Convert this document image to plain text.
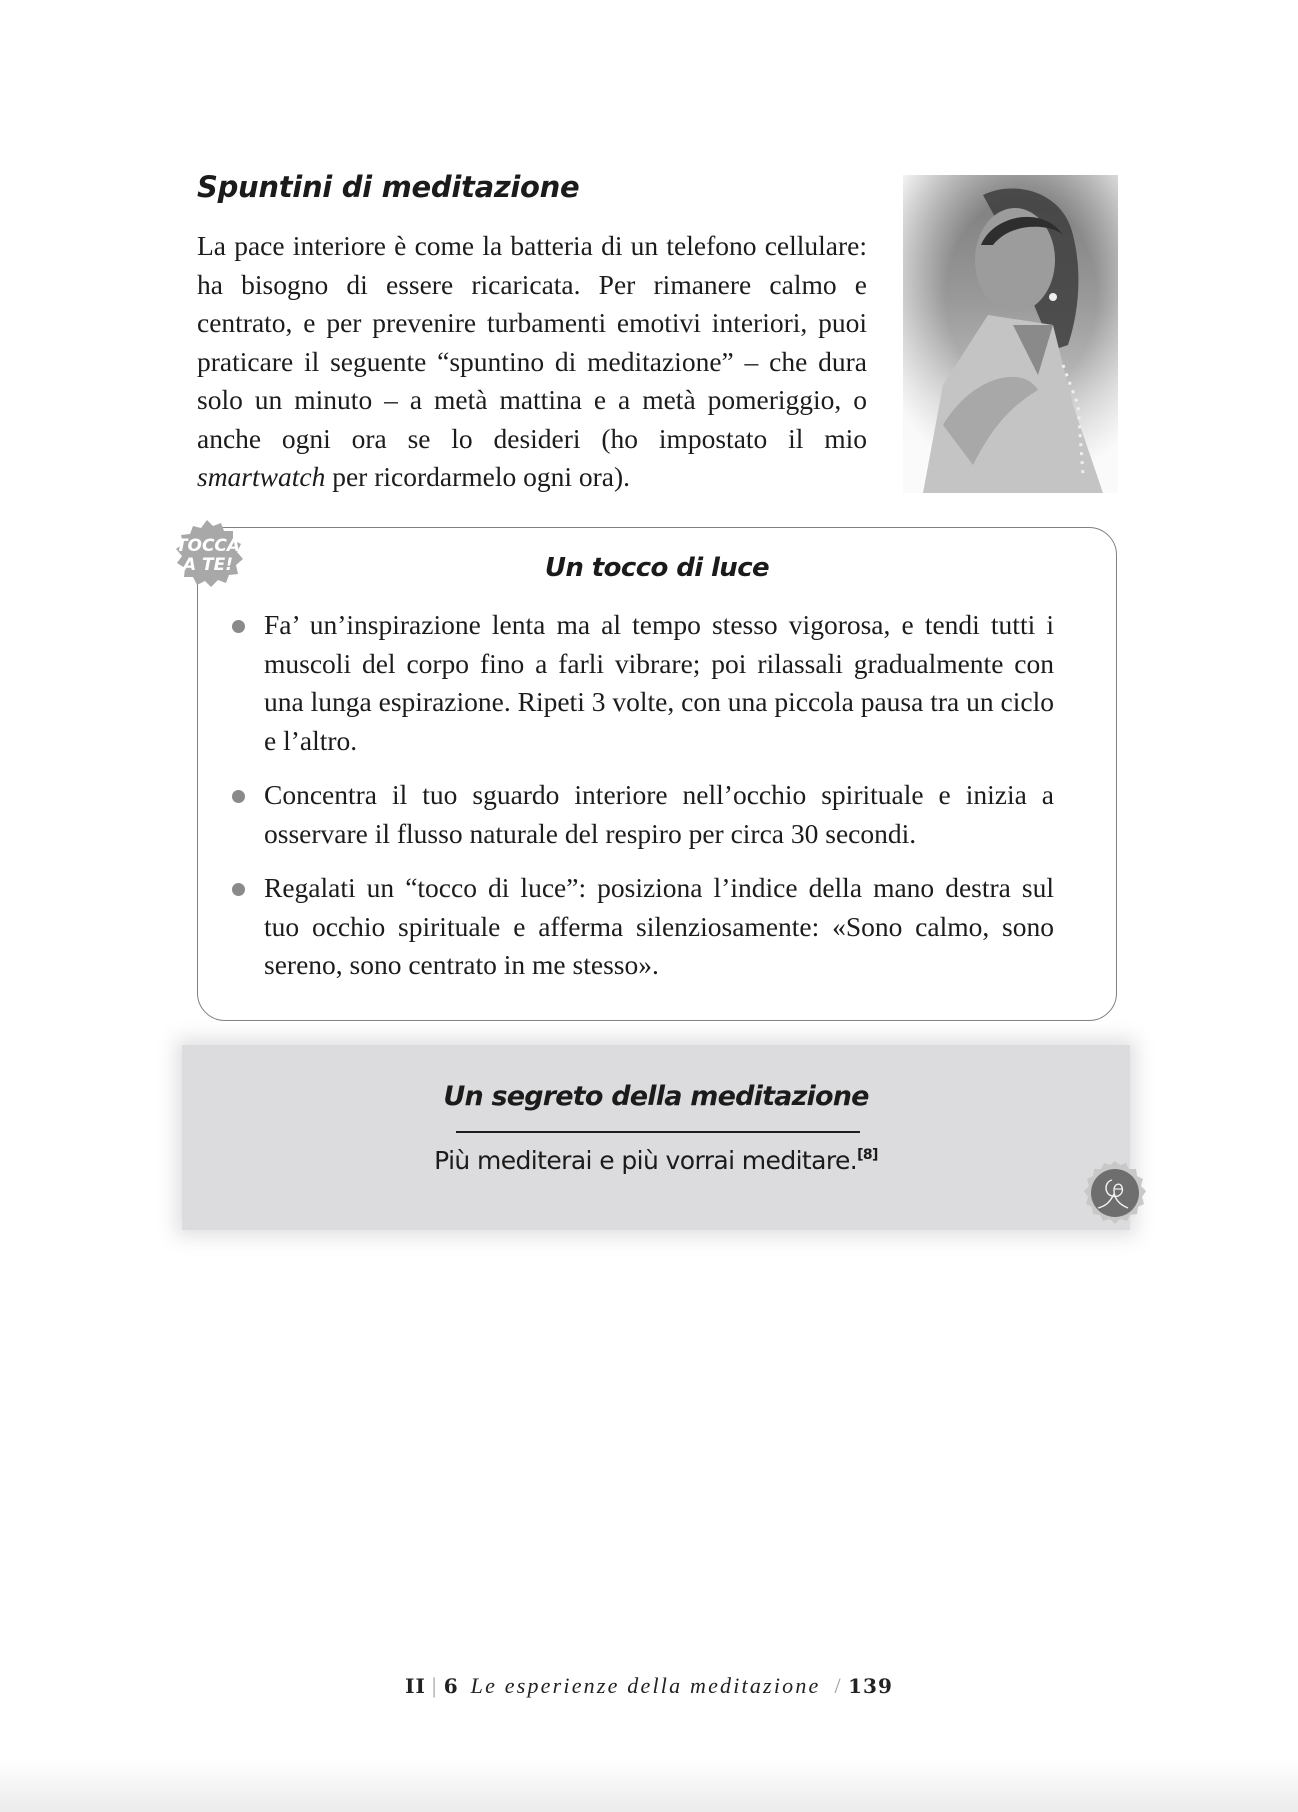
Spuntini di meditazione
La pace interiore è come la batteria di un telefono cellulare: ha bisogno di essere ricaricata. Per rimanere calmo e centrato, e per prevenire turbamenti emotivi interiori, puoi praticare il seguente “spuntino di meditazione” – che dura solo un minuto – a metà mattina e a metà pomeriggio, o anche ogni ora se lo desideri (ho impostato il mio smartwatch per ricordarmelo ogni ora).
TOCCA
A TE!	Un tocco di luce
Fa’ un’inspirazione lenta ma al tempo stesso vigorosa, e tendi tutti i muscoli del corpo fino a farli vibrare; poi rilassali gradualmente con una lunga espirazione. Ripeti 3 volte, con una piccola pausa tra un ciclo e l’altro.
Concentra il tuo sguardo interiore nell’occhio spirituale e inizia a osservare il flusso naturale del respiro per circa 30 secondi.
Regalati un “tocco di luce”: posiziona l’indice della mano destra sul tuo occhio spirituale e afferma silenziosamente: «Sono calmo, sono sereno, sono centrato in me stesso».
Un segreto della meditazione
Più mediterai e più vorrai meditare.[8]
II | 6 Le esperienze della meditazione / 139
